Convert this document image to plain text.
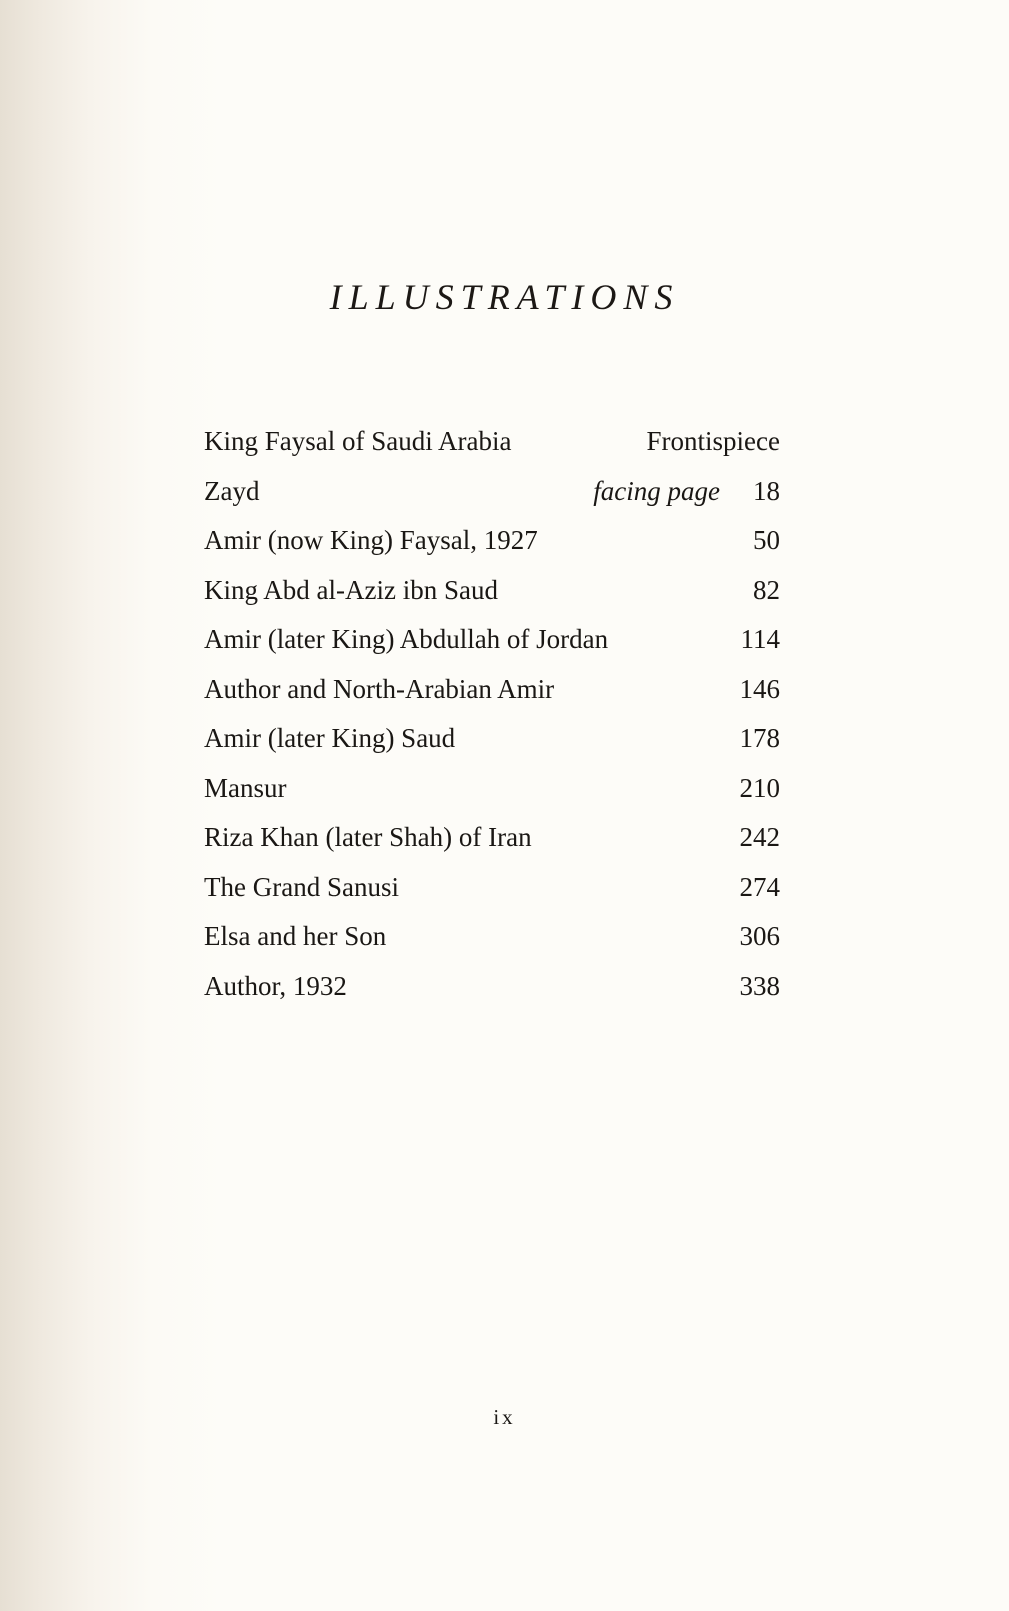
ILLUSTRATIONS
King Faysal of Saudi Arabia	Frontispiece
Zayd	facing page 18
Amir (now King) Faysal, 1927	50
King Abd al-Aziz ibn Saud	82
Amir (later King) Abdullah of Jordan	114
Author and North-Arabian Amir	146
Amir (later King) Saud	178
Mansur	210
Riza Khan (later Shah) of Iran	242
The Grand Sanusi	274
Elsa and her Son	306
Author, 1932	338
ix
